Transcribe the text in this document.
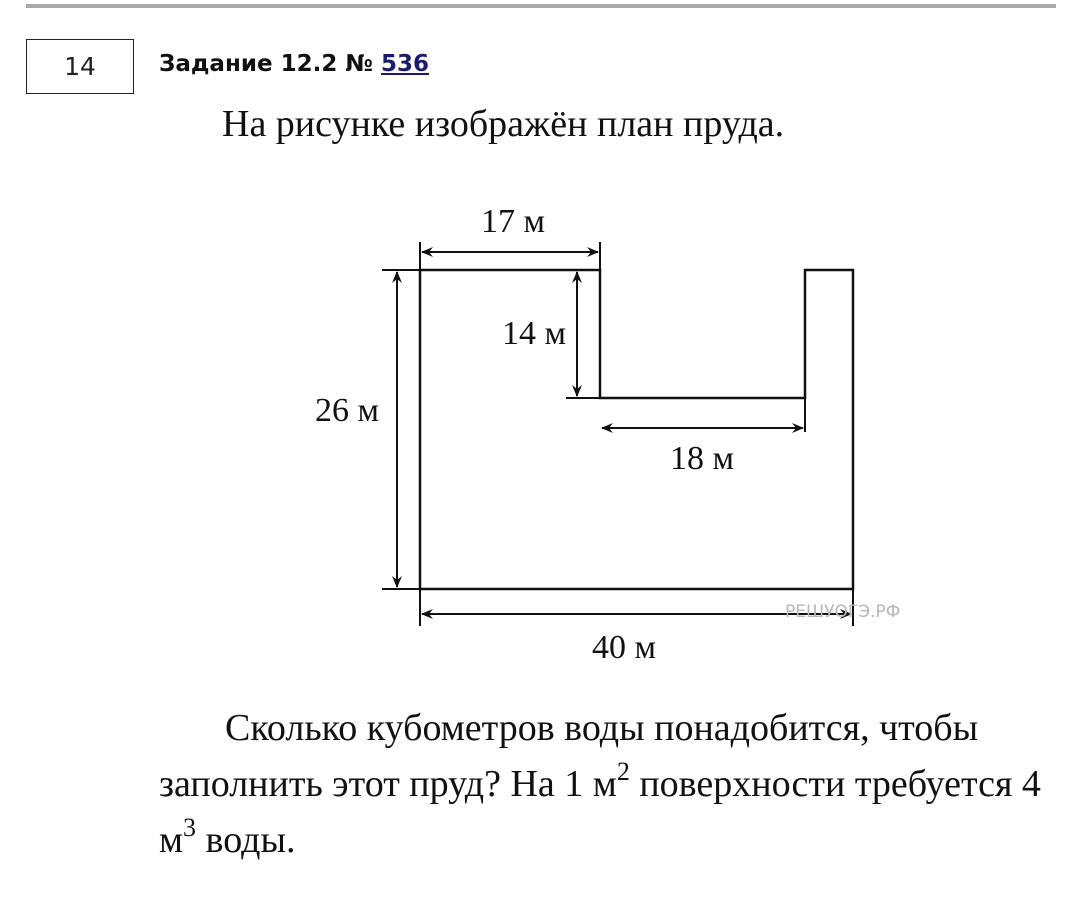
14	Задание 12.2 № 536
На рисунке изображён план пруда.
РЕШУОГЭ.РФ
17 м
14 м
26 м
18 м
40 м

Сколько кубометров воды понадобится, чтобы заполнить этот пруд? На 1 $м^2$ поверхности требуется 4 $м^3$ воды.
